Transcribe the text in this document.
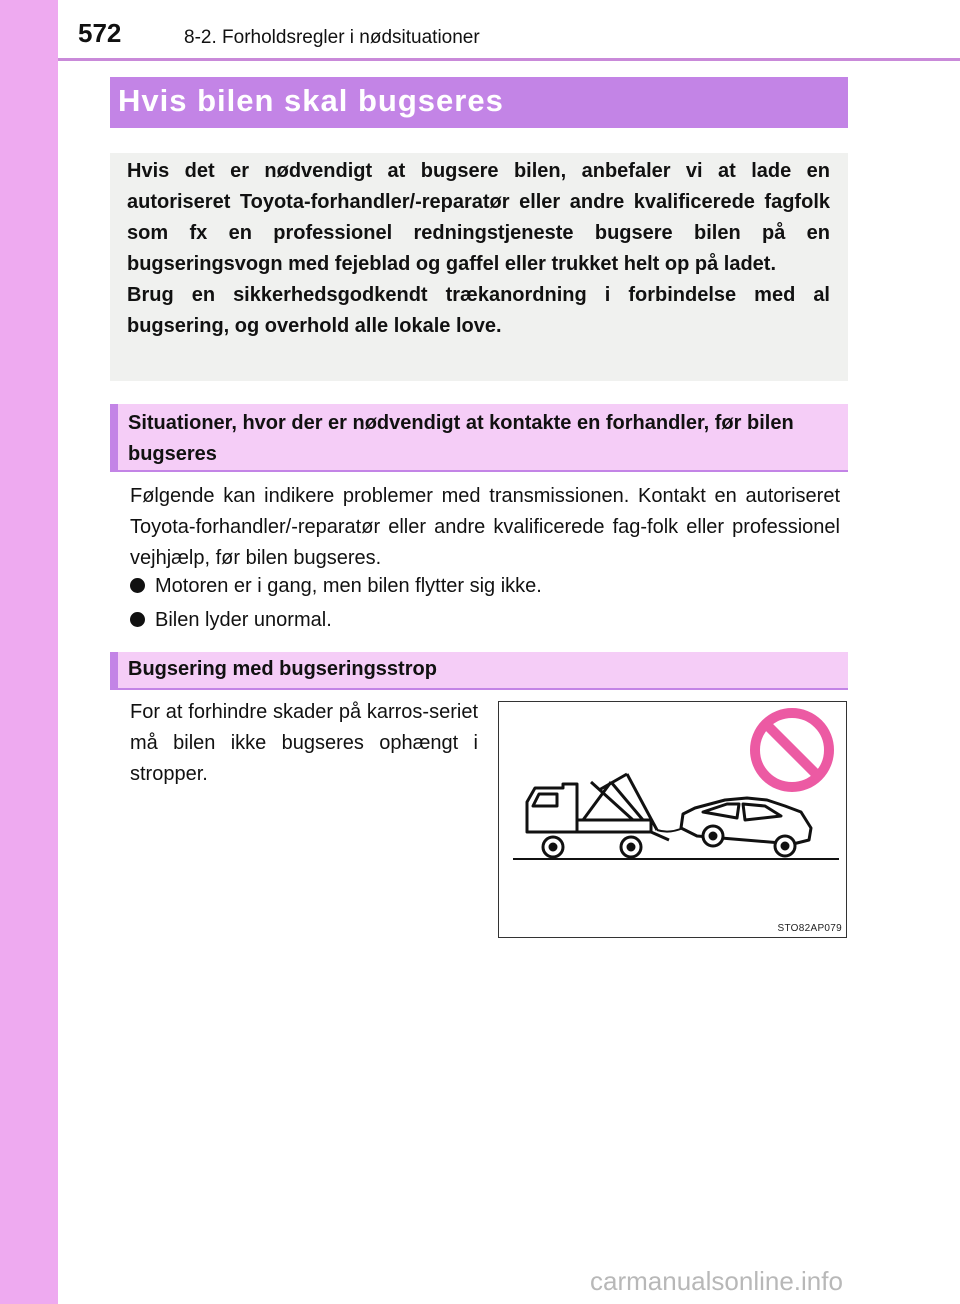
572	8-2. Forholdsregler i nødsituationer
Hvis bilen skal bugseres

Hvis det er nødvendigt at bugsere bilen, anbefaler vi at lade en autoriseret Toyota-forhandler/-reparatør eller andre kvalificerede fagfolk som fx en professionel redningstjeneste bugsere bilen på en bugseringsvogn med fejeblad og gaffel eller trukket helt op på ladet.

Brug en sikkerhedsgodkendt trækanordning i forbindelse med al bugsering, og overhold alle lokale love.

Situationer, hvor der er nødvendigt at kontakte en forhandler, før bilen bugseres
Følgende kan indikere problemer med transmissionen. Kontakt en autoriseret Toyota-forhandler/-reparatør eller andre kvalificerede fag-folk eller professionel vejhjælp, før bilen bugseres.
Motoren er i gang, men bilen flytter sig ikke.
Bilen lyder unormal.
Bugsering med bugseringsstrop
For at forhindre skader på karros-seriet må bilen ikke bugseres ophængt i stropper.
STO82AP079
carmanualsonline.info
